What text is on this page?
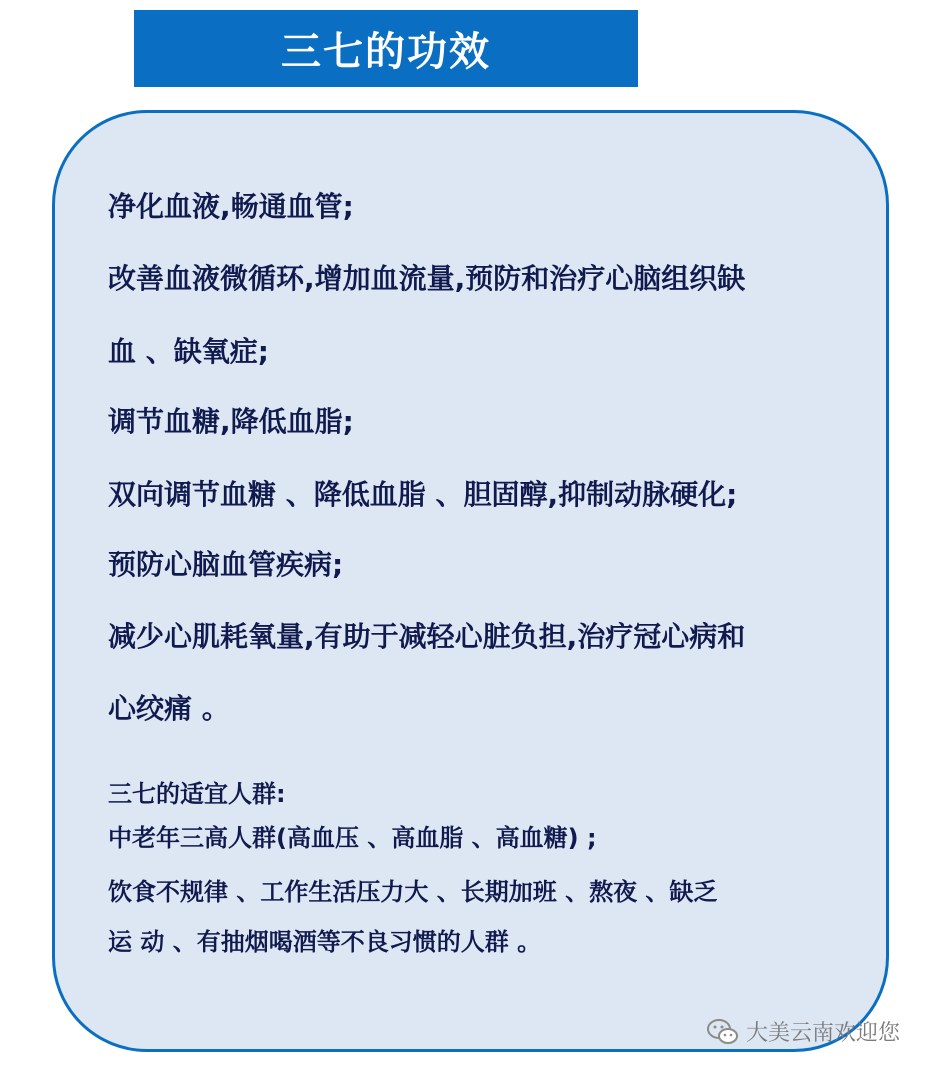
三七的功效
净化血液,畅通血管;
改善血液微循环,增加血流量,预防和治疗心脑组织缺
血 、缺氧症;
调节血糖,降低血脂;
双向调节血糖 、降低血脂 、胆固醇,抑制动脉硬化;
预防心脑血管疾病;
减少心肌耗氧量,有助于减轻心脏负担,治疗冠心病和
心绞痛 。
三七的适宜人群:
中老年三高人群(高血压 、高血脂 、高血糖) ;
饮食不规律 、工作生活压力大 、长期加班 、熬夜 、缺乏
运 动 、有抽烟喝酒等不良习惯的人群 。
大美云南欢迎您
